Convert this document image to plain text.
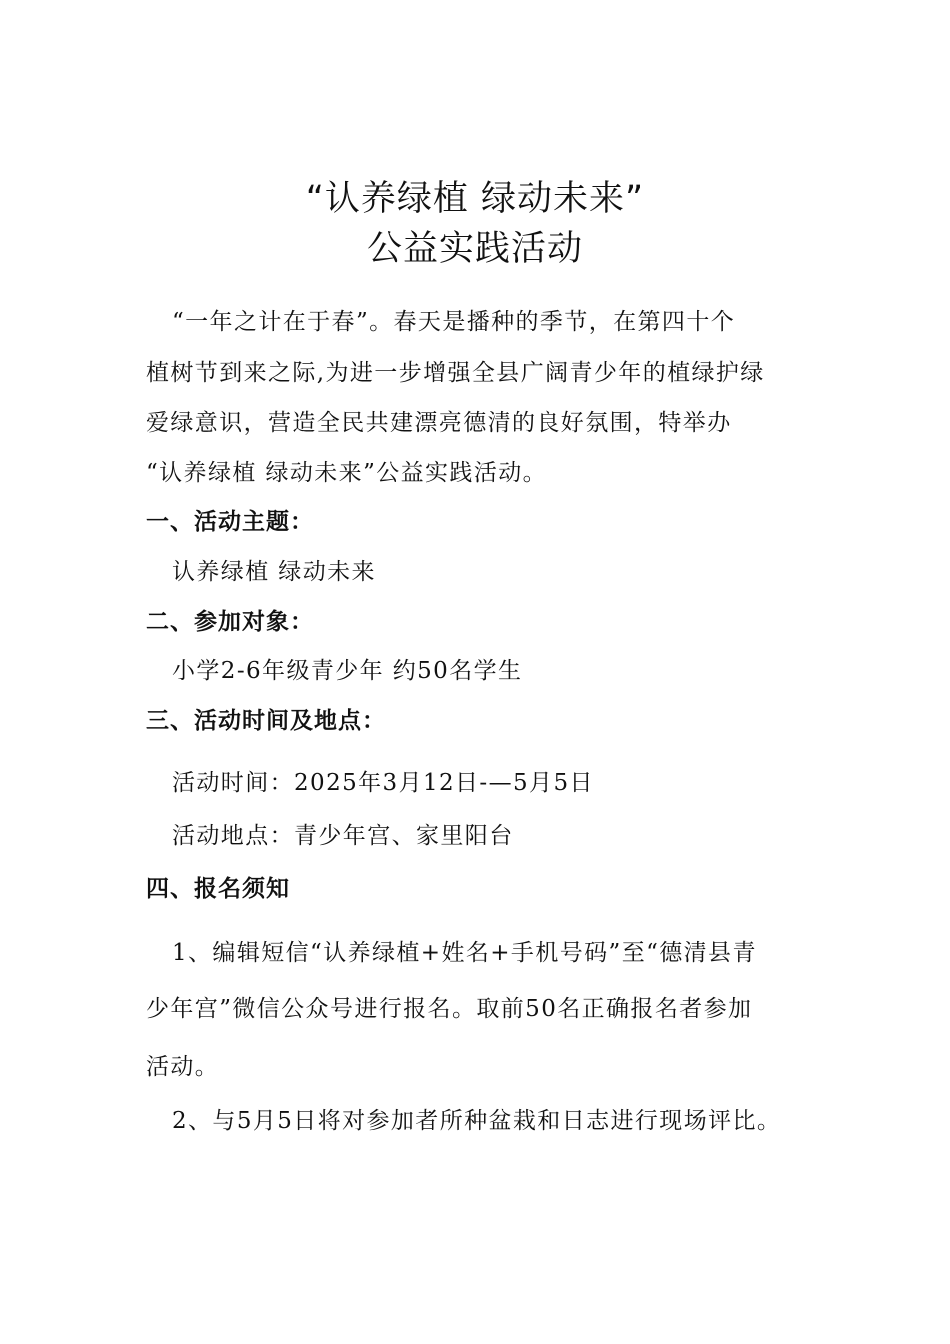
“认养绿植 绿动未来”
公益实践活动

“一年之计在于春”。春天是播种的季节，在第四十个

植树节到来之际,为进一步增强全县广阔青少年的植绿护绿

爱绿意识，营造全民共建漂亮德清的良好氛围，特举办

“认养绿植 绿动未来”公益实践活动。

一、活动主题：

认养绿植 绿动未来

二、参加对象：

小学2-6年级青少年 约50名学生

三、活动时间及地点：

活动时间：2025年3月12日-—5月5日

活动地点：青少年宫、家里阳台

四、报名须知

1、编辑短信“认养绿植+姓名+手机号码”至“德清县青

少年宫”微信公众号进行报名。取前50名正确报名者参加

活动。

2、与5月5日将对参加者所种盆栽和日志进行现场评比。
